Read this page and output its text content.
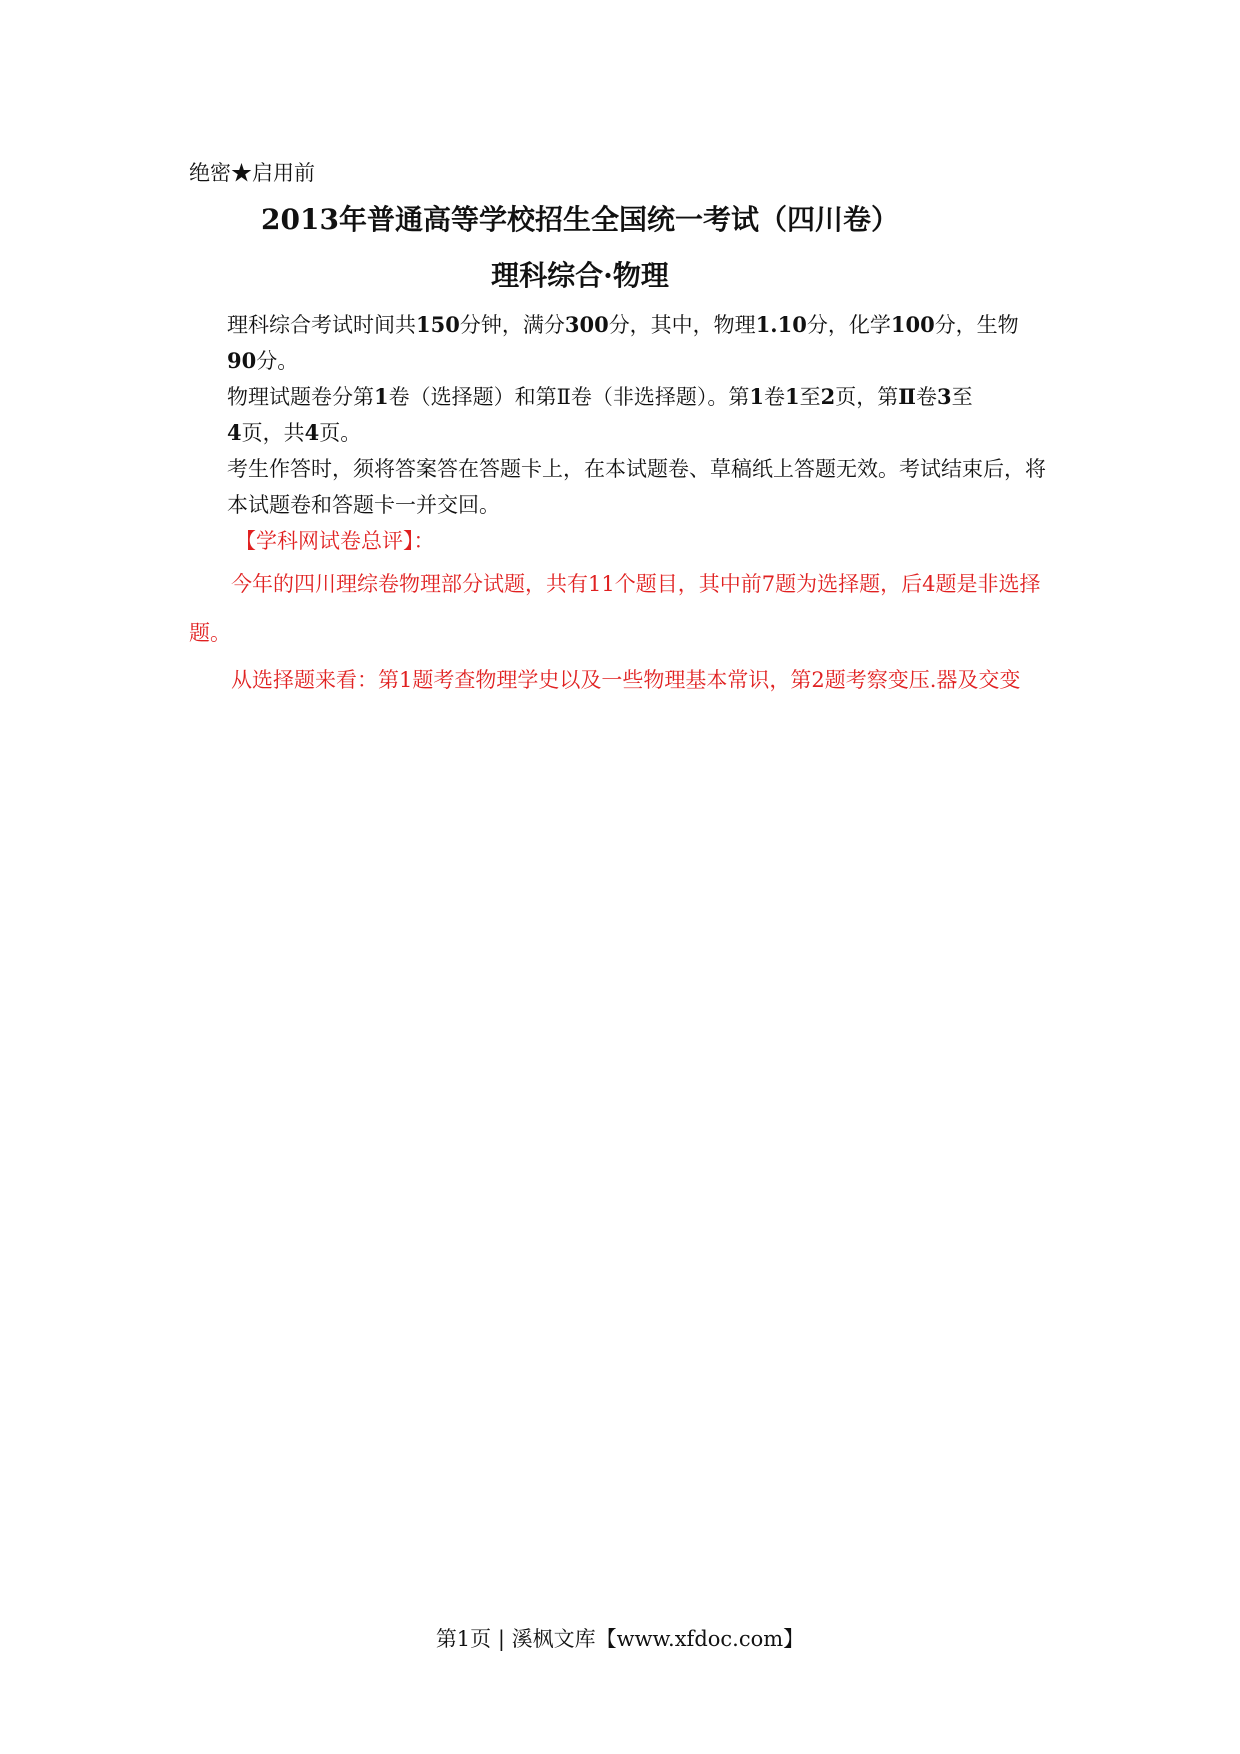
绝密★启用前
2013年普通高等学校招生全国统一考试（四川卷）
理科综合·物理

理科综合考试时间共150分钟，满分300分，其中，物理1.10分，化学100分，生物
90分。

物理试题卷分第1卷（选择题）和第Ⅱ卷（非选择题）。第1卷1至2页，第Ⅱ卷3至
4页，共4页。

考生作答时，须将答案答在答题卡上，在本试题卷、草稿纸上答题无效。考试结束后，将本试题卷和答题卡一并交回。

【学科网试卷总评】：

今年的四川理综卷物理部分试题，共有11个题目，其中前7题为选择题，后4题是非选择题。

从选择题来看：第1题考查物理学史以及一些物理基本常识，第2题考察变压.器及交变

第1页 | 溪枫文库【www.xfdoc.com】
